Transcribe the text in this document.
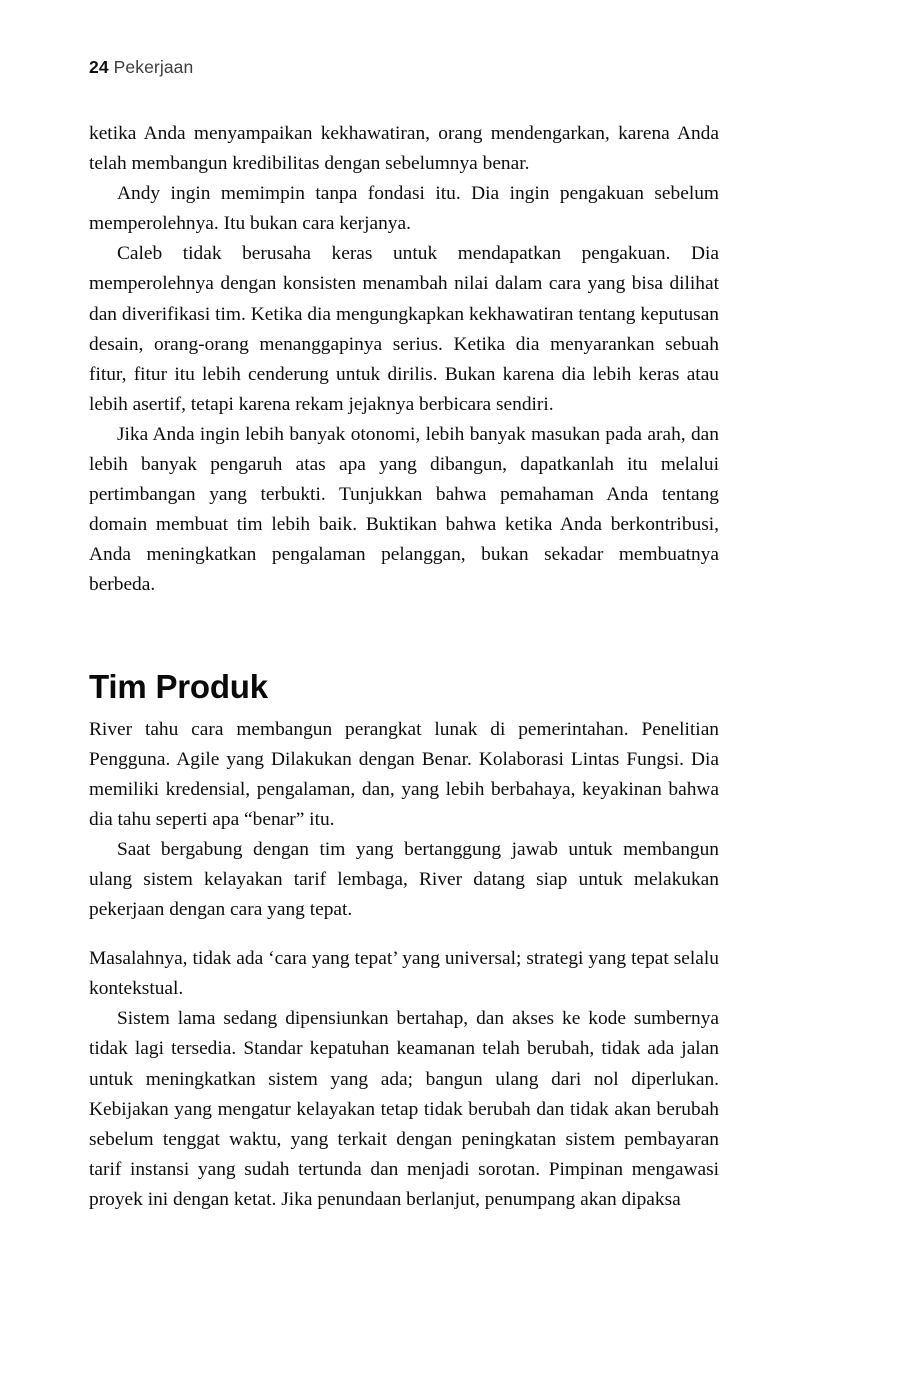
24 Pekerjaan

ketika Anda menyampaikan kekhawatiran, orang mendengarkan, karena Anda telah membangun kredibilitas dengan sebelumnya benar.

Andy ingin memimpin tanpa fondasi itu. Dia ingin pengakuan sebelum memperolehnya. Itu bukan cara kerjanya.

Caleb tidak berusaha keras untuk mendapatkan pengakuan. Dia memperolehnya dengan konsisten menambah nilai dalam cara yang bisa dilihat dan diverifikasi tim. Ketika dia mengungkapkan kekhawatiran tentang keputusan desain, orang-orang menanggapinya serius. Ketika dia menyarankan sebuah fitur, fitur itu lebih cenderung untuk dirilis. Bukan karena dia lebih keras atau lebih asertif, tetapi karena rekam jejaknya berbicara sendiri.

Jika Anda ingin lebih banyak otonomi, lebih banyak masukan pada arah, dan lebih banyak pengaruh atas apa yang dibangun, dapatkanlah itu melalui pertimbangan yang terbukti. Tunjukkan bahwa pemahaman Anda tentang domain membuat tim lebih baik. Buktikan bahwa ketika Anda berkontribusi, Anda meningkatkan pengalaman pelanggan, bukan sekadar membuatnya berbeda.

Tim Produk

River tahu cara membangun perangkat lunak di pemerintahan. Penelitian Pengguna. Agile yang Dilakukan dengan Benar. Kolaborasi Lintas Fungsi. Dia memiliki kredensial, pengalaman, dan, yang lebih berbahaya, keyakinan bahwa dia tahu seperti apa “benar” itu.

Saat bergabung dengan tim yang bertanggung jawab untuk membangun ulang sistem kelayakan tarif lembaga, River datang siap untuk melakukan pekerjaan dengan cara yang tepat.

Masalahnya, tidak ada ‘cara yang tepat’ yang universal; strategi yang tepat selalu kontekstual.

Sistem lama sedang dipensiunkan bertahap, dan akses ke kode sumbernya tidak lagi tersedia. Standar kepatuhan keamanan telah berubah, tidak ada jalan untuk meningkatkan sistem yang ada; bangun ulang dari nol diperlukan. Kebijakan yang mengatur kelayakan tetap tidak berubah dan tidak akan berubah sebelum tenggat waktu, yang terkait dengan peningkatan sistem pembayaran tarif instansi yang sudah tertunda dan menjadi sorotan. Pimpinan mengawasi proyek ini dengan ketat. Jika penundaan berlanjut, penumpang akan dipaksa
